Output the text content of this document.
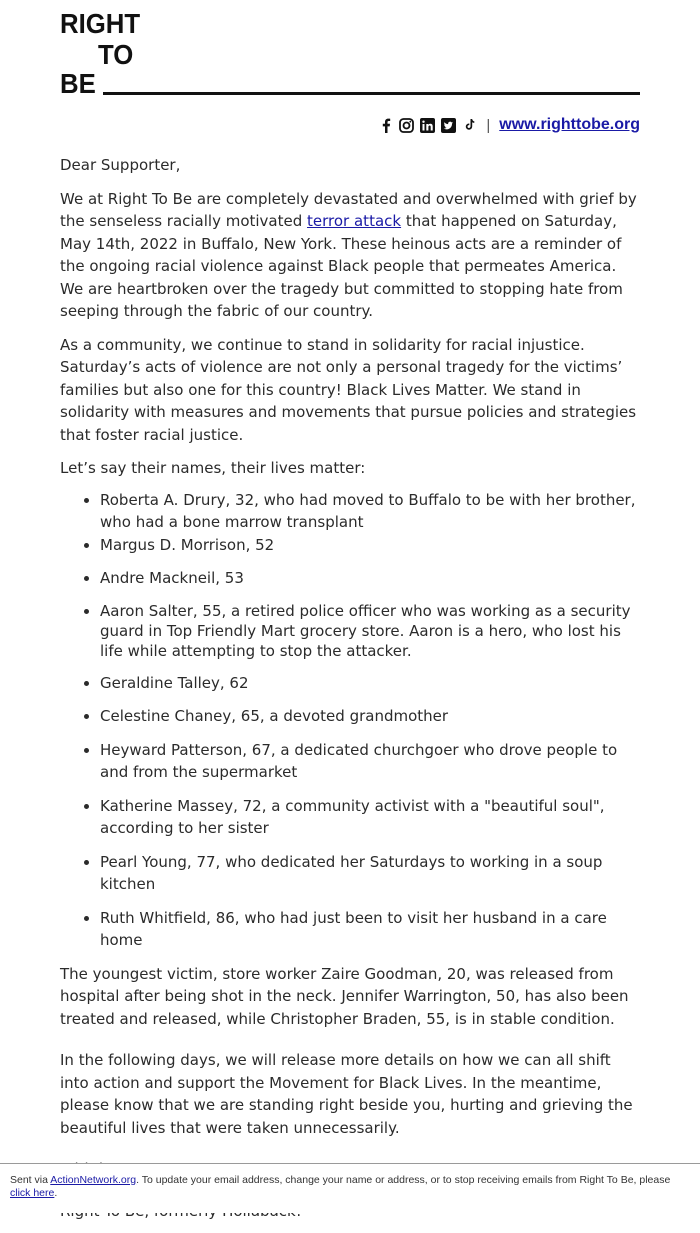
RIGHT
TO
BE
| www.righttobe.org

Dear Supporter,

We at Right To Be are completely devastated and overwhelmed with grief by the senseless racially motivated terror attack that happened on Saturday, May 14th, 2022 in Buffalo, New York. These heinous acts are a reminder of the ongoing racial violence against Black people that permeates America. We are heartbroken over the tragedy but committed to stopping hate from seeping through the fabric of our country.

As a community, we continue to stand in solidarity for racial injustice. Saturday’s acts of violence are not only a personal tragedy for the victims’ families but also one for this country! Black Lives Matter. We stand in solidarity with measures and movements that pursue policies and strategies that foster racial justice.

Let’s say their names, their lives matter:

• Roberta A. Drury, 32, who had moved to Buffalo to be with her brother, who had a bone marrow transplant
• Margus D. Morrison, 52
• Andre Mackneil, 53
• Aaron Salter, 55, a retired police officer who was working as a security guard in Top Friendly Mart grocery store. Aaron is a hero, who lost his life while attempting to stop the attacker.
• Geraldine Talley, 62
• Celestine Chaney, 65, a devoted grandmother
• Heyward Patterson, 67, a dedicated churchgoer who drove people to and from the supermarket
• Katherine Massey, 72, a community activist with a "beautiful soul", according to her sister
• Pearl Young, 77, who dedicated her Saturdays to working in a soup kitchen
• Ruth Whitfield, 86, who had just been to visit her husband in a care home

The youngest victim, store worker Zaire Goodman, 20, was released from hospital after being shot in the neck. Jennifer Warrington, 50, has also been treated and released, while Christopher Braden, 55, is in stable condition.

In the following days, we will release more details on how we can all shift into action and support the Movement for Black Lives. In the meantime, please know that we are standing right beside you, hurting and grieving the beautiful lives that were taken unnecessarily.

Sent via ActionNetwork.org. To update your email address, change your name or address, or to stop receiving emails from Right To Be, please click here.
